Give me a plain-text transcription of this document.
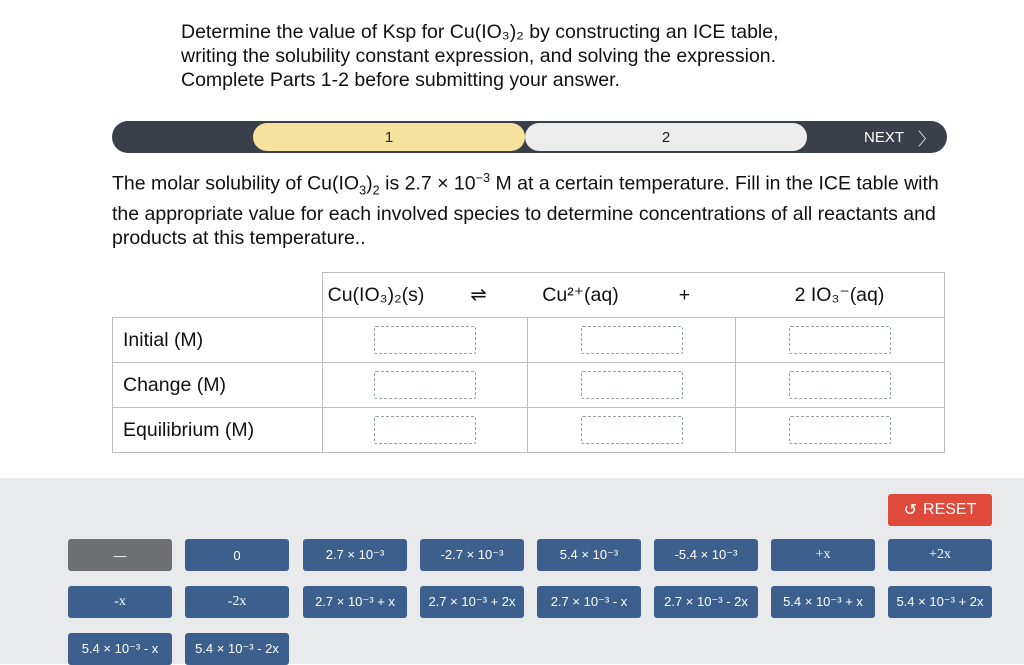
Determine the value of Ksp for Cu(IO₃)₂ by constructing an ICE table,
writing the solubility constant expression, and solving the expression.
Complete Parts 1-2 before submitting your answer.
1	2	NEXT 〉
The molar solubility of $Cu(IO_3)_2$ is $2.7 \times 10^{-3}$ M at a certain temperature. Fill in the ICE table with the appropriate value for each involved species to determine concentrations of all reactants and products at this temperature..
	Cu(IO₃)₂(s)	⇌	Cu²⁺(aq)	+	2 IO₃⁻(aq)
Initial (M)			

Change (M)			

Equilibrium (M)			

↺ RESET
—	0	2.7 × 10⁻³	-2.7 × 10⁻³	5.4 × 10⁻³	-5.4 × 10⁻³	+x	+2x
-x	-2x	2.7 × 10⁻³ + x	2.7 × 10⁻³ + 2x	2.7 × 10⁻³ - x	2.7 × 10⁻³ - 2x	5.4 × 10⁻³ + x	5.4 × 10⁻³ + 2x
5.4 × 10⁻³ - x	5.4 × 10⁻³ - 2x
